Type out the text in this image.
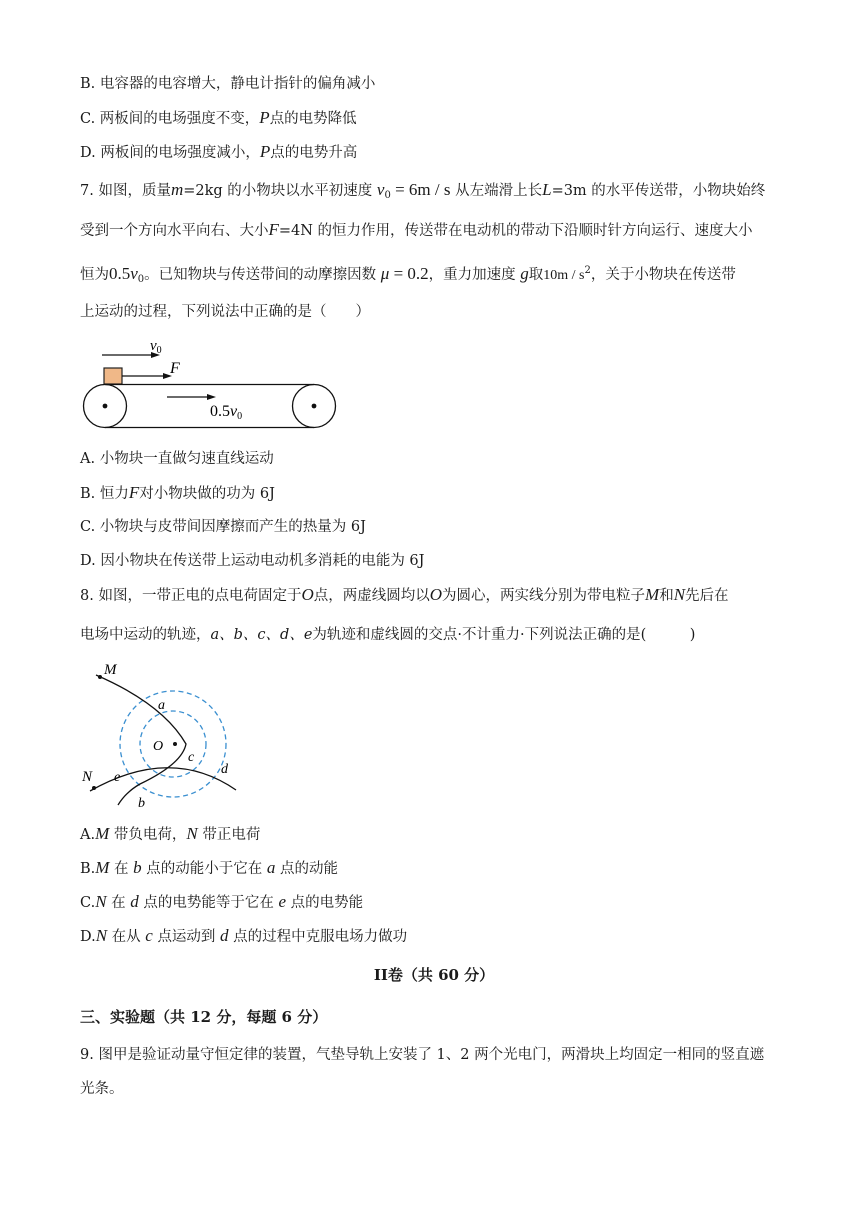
B. 电容器的电容增大，静电计指针的偏角减小
C. 两板间的电场强度不变，P点的电势降低
D. 两板间的电场强度减小，P点的电势升高
7. 如图，质量m=2kg 的小物块以水平初速度 $v_0 = 6m / s$ 从左端滑上长L=3m 的水平传送带，小物块始终
受到一个方向水平向右、大小F=4N 的恒力作用，传送带在电动机的带动下沿顺时针方向运行、速度大小
恒为$0.5v_0$。已知物块与传送带间的动摩擦因数 μ = 0.2，重力加速度 g取$10m / s^2$，关于小物块在传送带
上运动的过程，下列说法中正确的是（　　）
$v_0$
F
0.5v0
A. 小物块一直做匀速直线运动
B. 恒力F对小物块做的功为 6J
C. 小物块与皮带间因摩擦而产生的热量为 6J
D. 因小物块在传送带上运动电动机多消耗的电能为 6J
8. 如图，一带正电的点电荷固定于O点，两虚线圆均以O为圆心，两实线分别为带电粒子M和N先后在
电场中运动的轨迹，a、b、c、d、e为轨迹和虚线圆的交点·不计重力·下列说法正确的是(　　　)
M
N
O
a
c
d
e
b
A.M 带负电荷，N 带正电荷
B.M 在 b 点的动能小于它在 a 点的动能
C.N 在 d 点的电势能等于它在 e 点的电势能
D.N 在从 c 点运动到 d 点的过程中克服电场力做功
II卷（共 60 分）
三、实验题（共 12 分，每题 6 分）
9. 图甲是验证动量守恒定律的装置，气垫导轨上安装了 1、2 两个光电门，两滑块上均固定一相同的竖直遮
光条。
